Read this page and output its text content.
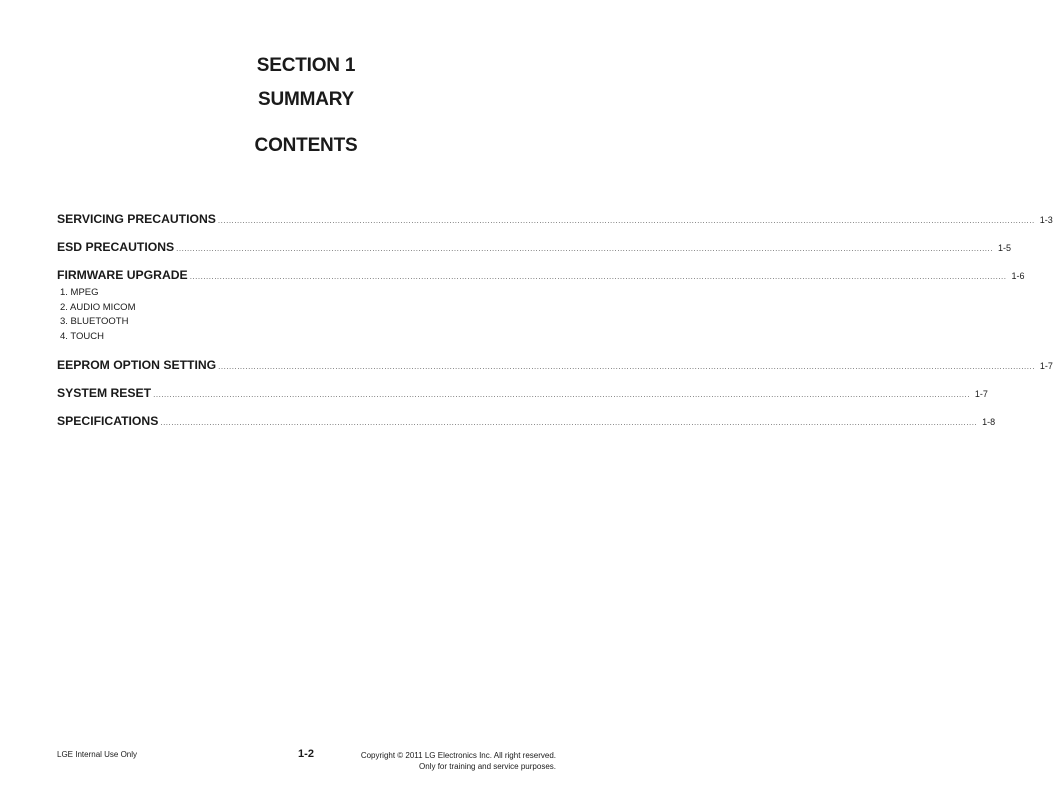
SECTION 1
SUMMARY
CONTENTS
SERVICING PRECAUTIONS ............................................................................................................................................................................................................................................................................................................ 1-3
ESD PRECAUTIONS ............................................................................................................................................................................................................................................................................................................ 1-5
FIRMWARE UPGRADE ............................................................................................................................................................................................................................................................................................................ 1-6
1. MPEG
2. AUDIO MICOM
3. BLUETOOTH
4. TOUCH
EEPROM OPTION SETTING ............................................................................................................................................................................................................................................................................................................ 1-7
SYSTEM RESET ............................................................................................................................................................................................................................................................................................................ 1-7
SPECIFICATIONS ............................................................................................................................................................................................................................................................................................................ 1-8
LGE Internal Use Only	1-2	Copyright © 2011 LG Electronics Inc. All right reserved.
Only for training and service purposes.
